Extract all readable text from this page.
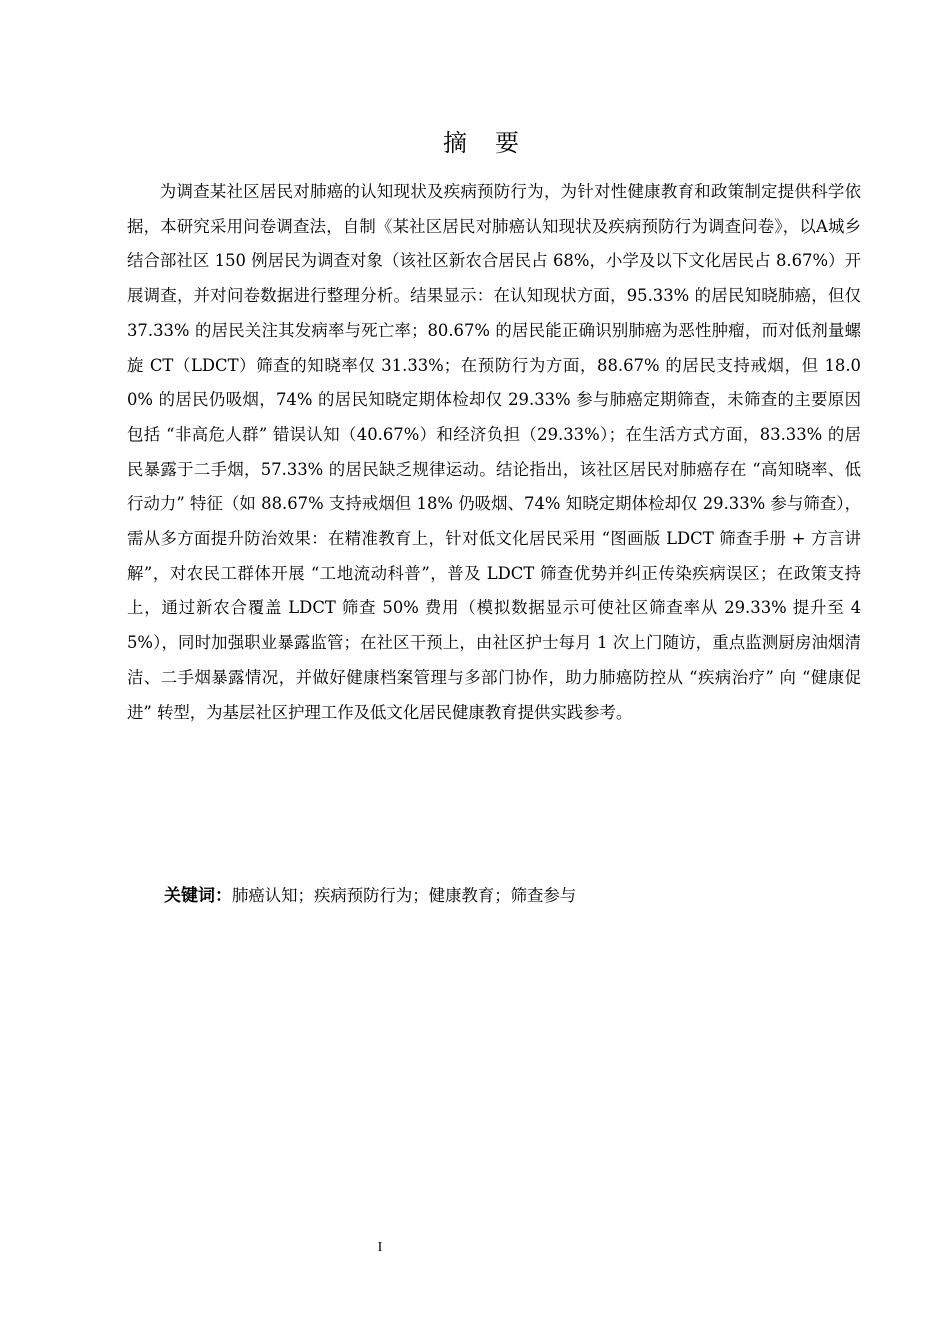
摘要

为调查某社区居民对肺癌的认知现状及疾病预防行为，为针对性健康教育和政策制定提供科学依据，本研究采用问卷调查法，自制《某社区居民对肺癌认知现状及疾病预防行为调查问卷》，以A城乡结合部社区 150 例居民为调查对象（该社区新农合居民占 68%，小学及以下文化居民占 8.67%）开展调查，并对问卷数据进行整理分析。结果显示：在认知现状方面，95.33% 的居民知晓肺癌，但仅 37.33% 的居民关注其发病率与死亡率；80.67% 的居民能正确识别肺癌为恶性肿瘤，而对低剂量螺旋 CT（LDCT）筛查的知晓率仅 31.33%；在预防行为方面，88.67% 的居民支持戒烟，但 18.00% 的居民仍吸烟，74% 的居民知晓定期体检却仅 29.33% 参与肺癌定期筛查，未筛查的主要原因包括 “非高危人群” 错误认知（40.67%）和经济负担（29.33%）；在生活方式方面，83.33% 的居民暴露于二手烟，57.33% 的居民缺乏规律运动。结论指出，该社区居民对肺癌存在 “高知晓率、低行动力” 特征（如 88.67% 支持戒烟但 18% 仍吸烟、74% 知晓定期体检却仅 29.33% 参与筛查），需从多方面提升防治效果：在精准教育上，针对低文化居民采用 “图画版 LDCT 筛查手册 + 方言讲解”，对农民工群体开展 “工地流动科普”，普及 LDCT 筛查优势并纠正传染疾病误区；在政策支持上，通过新农合覆盖 LDCT 筛查 50% 费用（模拟数据显示可使社区筛查率从 29.33% 提升至 45%），同时加强职业暴露监管；在社区干预上，由社区护士每月 1 次上门随访，重点监测厨房油烟清洁、二手烟暴露情况，并做好健康档案管理与多部门协作，助力肺癌防控从 “疾病治疗” 向 “健康促进” 转型，为基层社区护理工作及低文化居民健康教育提供实践参考。

关键词：肺癌认知；疾病预防行为；健康教育；筛查参与
I
